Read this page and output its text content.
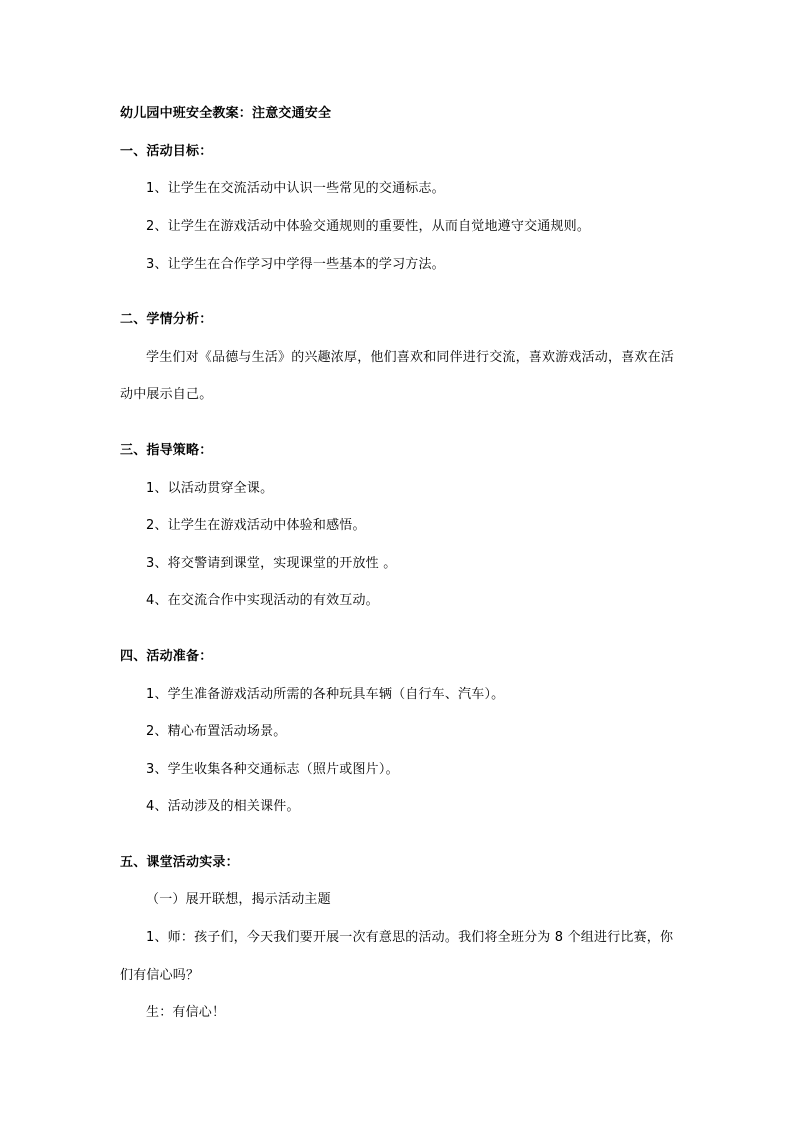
幼儿园中班安全教案：注意交通安全
一、活动目标：
1、让学生在交流活动中认识一些常见的交通标志。
2、让学生在游戏活动中体验交通规则的重要性，从而自觉地遵守交通规则。
3、让学生在合作学习中学得一些基本的学习方法。
二、学情分析：
学生们对《品德与生活》的兴趣浓厚，他们喜欢和同伴进行交流，喜欢游戏活动，喜欢在活
动中展示自己。
三、指导策略：
1、以活动贯穿全课。
2、让学生在游戏活动中体验和感悟。
3、将交警请到课堂，实现课堂的开放性 。
4、在交流合作中实现活动的有效互动。
四、活动准备：
1、学生准备游戏活动所需的各种玩具车辆（自行车、汽车）。
2、精心布置活动场景。
3、学生收集各种交通标志（照片或图片）。
4、活动涉及的相关课件。
五、课堂活动实录：
（一）展开联想，揭示活动主题
1、师：孩子们，今天我们要开展一次有意思的活动。我们将全班分为 8 个组进行比赛，你
们有信心吗？
生：有信心！
